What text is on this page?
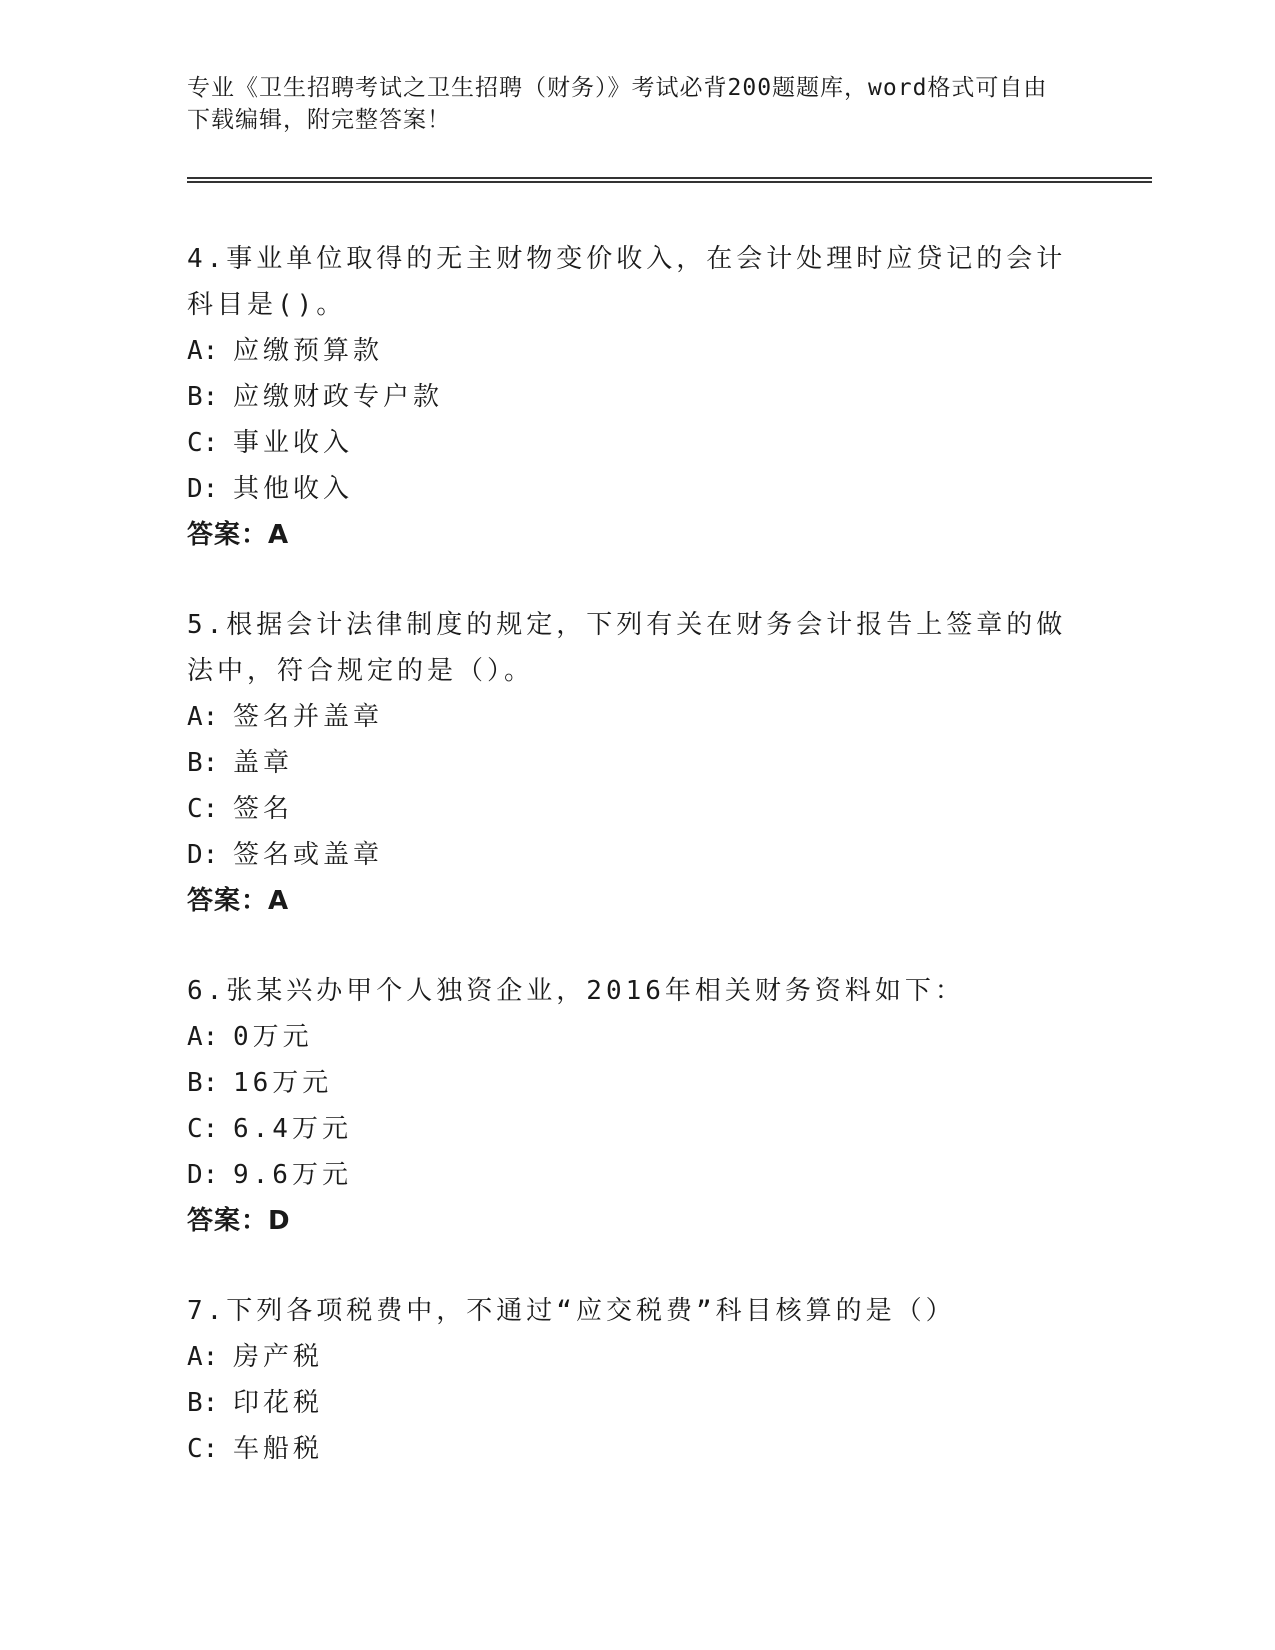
专业《卫生招聘考试之卫生招聘（财务）》考试必背200题题库，word格式可自由下载编辑，附完整答案！

4.事业单位取得的无主财物变价收入，在会计处理时应贷记的会计科目是()。

A: 应缴预算款
B: 应缴财政专户款
C: 事业收入
D: 其他收入

答案：A

5.根据会计法律制度的规定，下列有关在财务会计报告上签章的做法中，符合规定的是（）。

A: 签名并盖章
B: 盖章
C: 签名
D: 签名或盖章

答案：A

6.张某兴办甲个人独资企业，2016年相关财务资料如下：

A: 0万元
B: 16万元
C: 6.4万元
D: 9.6万元

答案：D

7.下列各项税费中，不通过“应交税费”科目核算的是（）

A: 房产税
B: 印花税
C: 车船税
